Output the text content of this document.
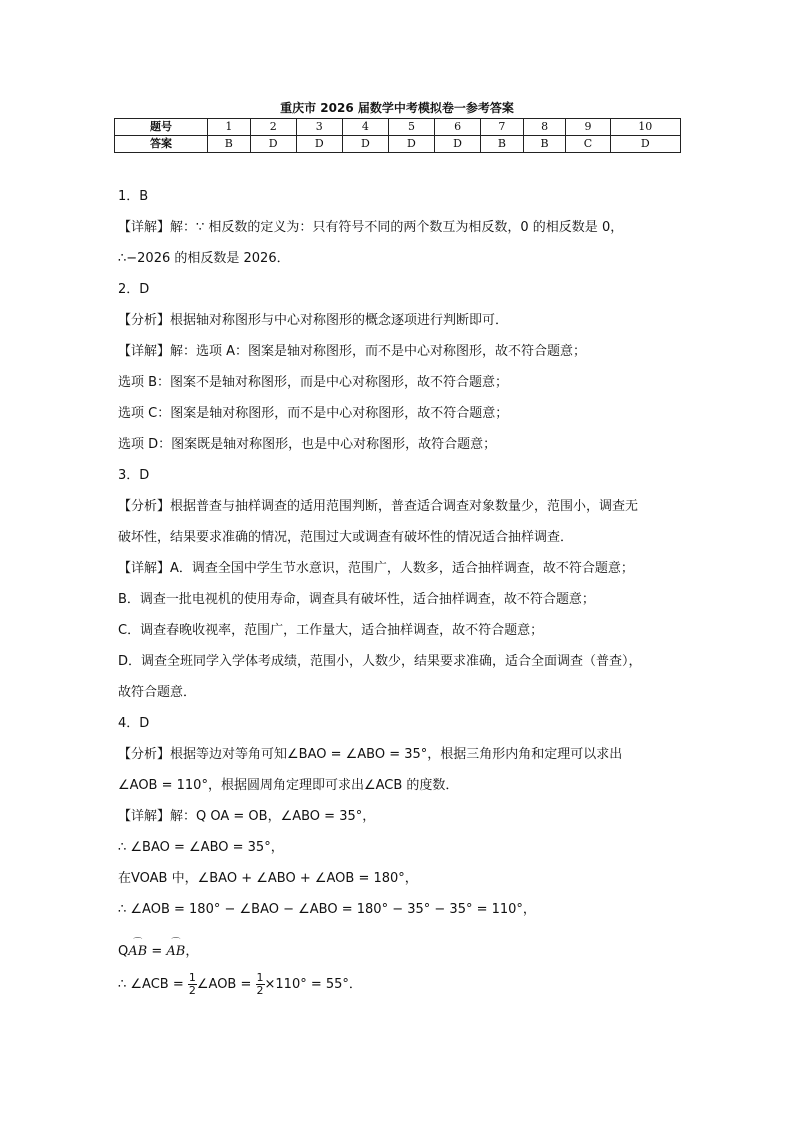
重庆市 2026 届数学中考模拟卷一参考答案
题号	1	2	3	4	5	6	7	8	9	10
答案	B	D	D	D	D	D	B	B	C	D
1．B
【详解】解：∵ 相反数的定义为：只有符号不同的两个数互为相反数，0 的相反数是 0，
∴−2026 的相反数是 2026．
2．D
【分析】根据轴对称图形与中心对称图形的概念逐项进行判断即可．
【详解】解：选项 A：图案是轴对称图形，而不是中心对称图形，故不符合题意；
选项 B：图案不是轴对称图形，而是中心对称图形，故不符合题意；
选项 C：图案是轴对称图形，而不是中心对称图形，故不符合题意；
选项 D：图案既是轴对称图形，也是中心对称图形，故符合题意；
3．D
【分析】根据普查与抽样调查的适用范围判断，普查适合调查对象数量少，范围小，调查无
破坏性，结果要求准确的情况，范围过大或调查有破坏性的情况适合抽样调查．
【详解】A．调查全国中学生节水意识，范围广，人数多，适合抽样调查，故不符合题意；
B．调查一批电视机的使用寿命，调查具有破坏性，适合抽样调查，故不符合题意；
C．调查春晚收视率，范围广，工作量大，适合抽样调查，故不符合题意；
D．调查全班同学入学体考成绩，范围小，人数少，结果要求准确，适合全面调查（普查），
故符合题意．
4．D
【分析】根据等边对等角可知∠BAO = ∠ABO = 35°，根据三角形内角和定理可以求出
∠AOB = 110°，根据圆周角定理即可求出∠ACB 的度数．
【详解】解：Q OA = OB，∠ABO = 35°，
∴ ∠BAO = ∠ABO = 35°，
在VOAB 中，∠BAO + ∠ABO + ∠AOB = 180°，
∴ ∠AOB = 180° − ∠BAO − ∠ABO = 180° − 35° − 35° = 110°，
Q⌒ AB = ⌒ AB，
∴ ∠ACB = $\frac{1}{2}$ ∠AOB = $\frac{1}{2} \times 110^\circ = 55^\circ$．
